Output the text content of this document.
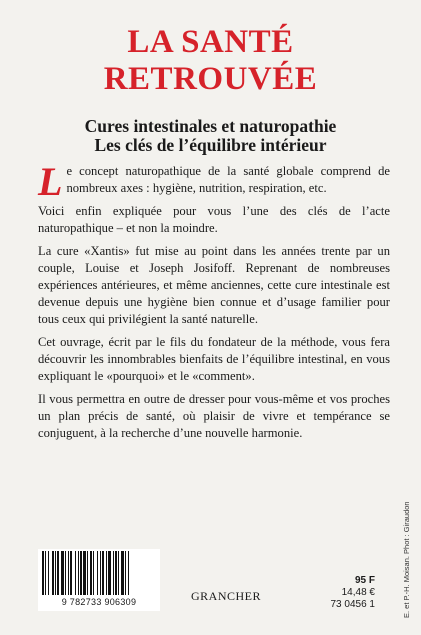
LA SANTÉ
RETROUVÉE
Cures intestinales et naturopathie
Les clés de l’équilibre intérieur

Le concept naturopathique de la santé globale comprend de nombreux axes : hygiène, nutrition, respiration, etc.

Voici enfin expliquée pour vous l’une des clés de l’acte naturopathique – et non la moindre.

La cure «Xantis» fut mise au point dans les années trente par un couple, Louise et Joseph Josifoff. Reprenant de nombreuses expériences antérieures, et même anciennes, cette cure intestinale est devenue depuis une hygiène bien connue et d’usage familier pour tous ceux qui privilégient la santé naturelle.

Cet ouvrage, écrit par le fils du fondateur de la méthode, vous fera découvrir les innombrables bienfaits de l’équilibre intestinal, en vous expliquant le «pourquoi» et le «comment».

Il vous permettra en outre de dresser pour vous-même et vos proches un plan précis de santé, où plaisir de vivre et tempérance se conjuguent, à la recherche d’une nouvelle harmonie.

9 782733 906309	GRANCHER
95 F
14,48 €
73 0456 1	E. et P.-H. Moisan. Phot : Giraudon
